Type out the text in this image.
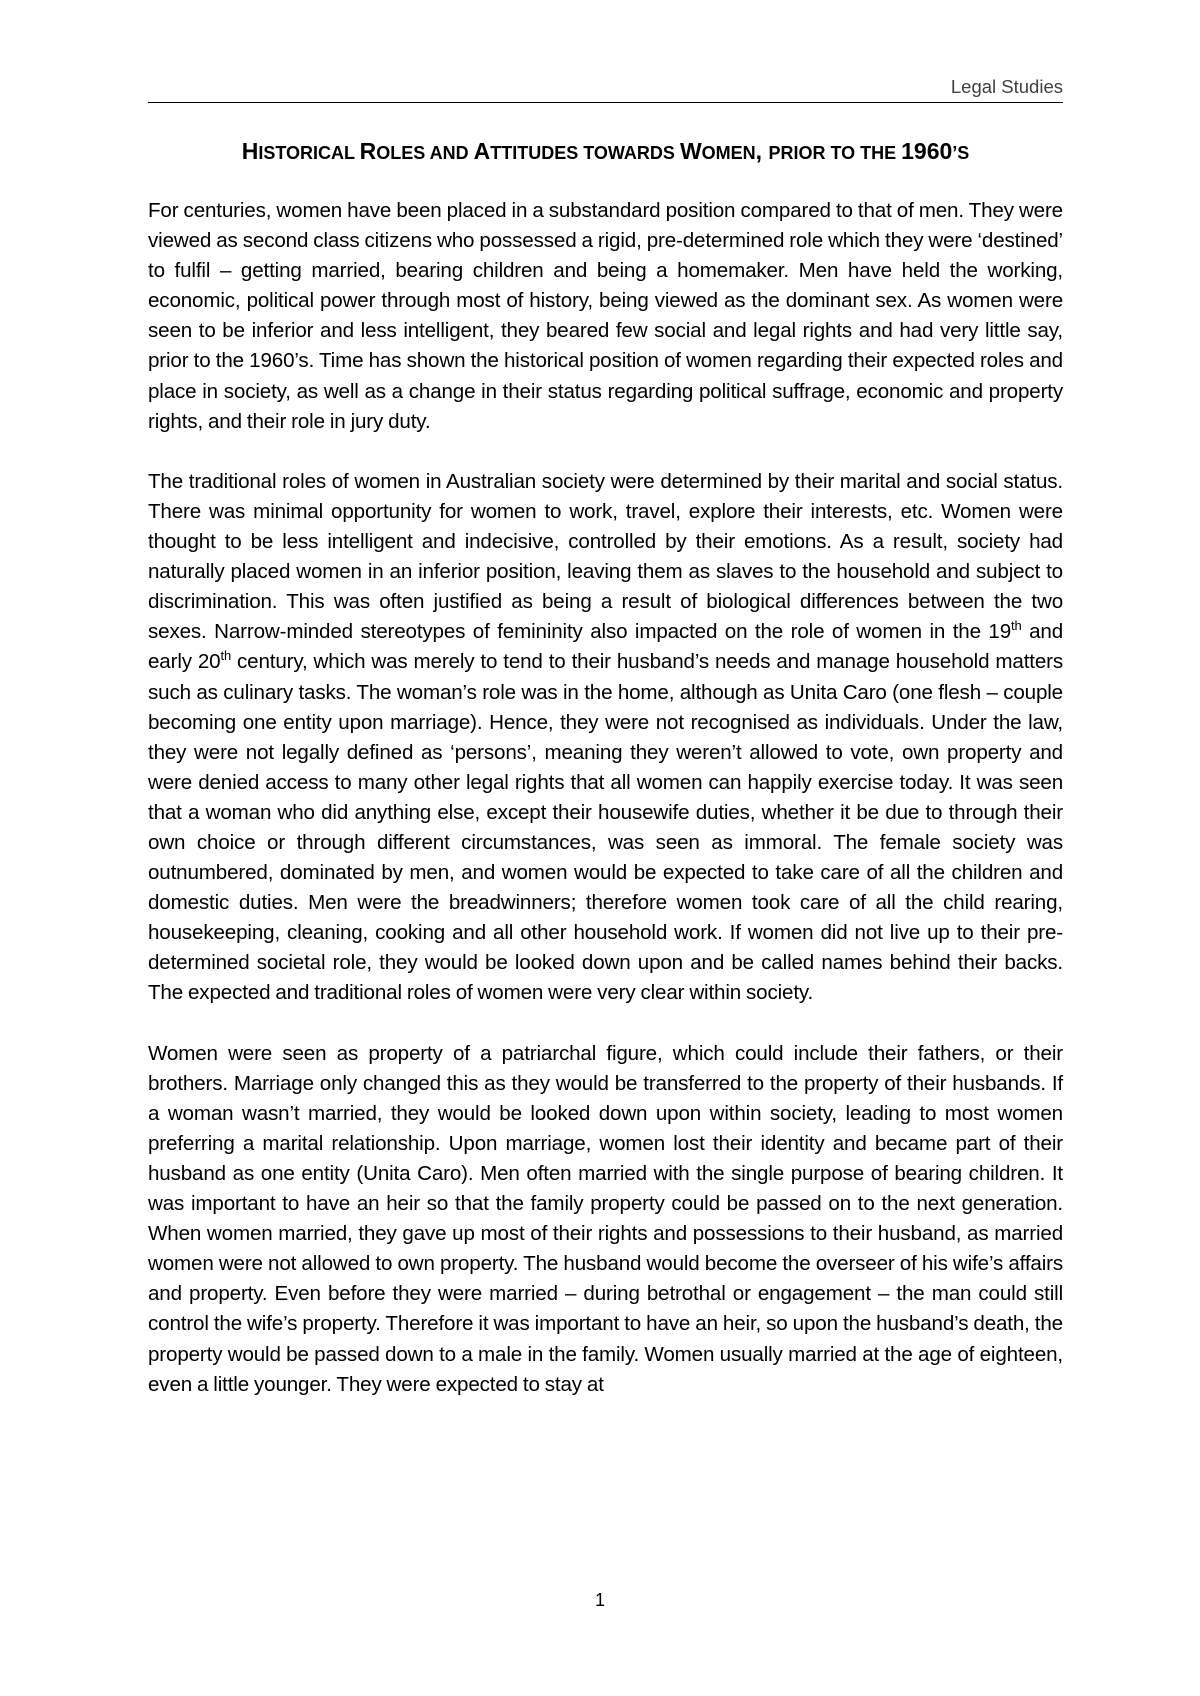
Legal Studies
HISTORICAL ROLES AND ATTITUDES TOWARDS WOMEN, PRIOR TO THE 1960’S

For centuries, women have been placed in a substandard position compared to that of men. They were viewed as second class citizens who possessed a rigid, pre-determined role which they were ‘destined’ to fulfil – getting married, bearing children and being a homemaker. Men have held the working, economic, political power through most of history, being viewed as the dominant sex. As women were seen to be inferior and less intelligent, they beared few social and legal rights and had very little say, prior to the 1960’s. Time has shown the historical position of women regarding their expected roles and place in society, as well as a change in their status regarding political suffrage, economic and property rights, and their role in jury duty.

The traditional roles of women in Australian society were determined by their marital and social status. There was minimal opportunity for women to work, travel, explore their interests, etc. Women were thought to be less intelligent and indecisive, controlled by their emotions. As a result, society had naturally placed women in an inferior position, leaving them as slaves to the household and subject to discrimination. This was often justified as being a result of biological differences between the two sexes. Narrow-minded stereotypes of femininity also impacted on the role of women in the 19th and early 20th century, which was merely to tend to their husband’s needs and manage household matters such as culinary tasks. The woman’s role was in the home, although as Unita Caro (one flesh – couple becoming one entity upon marriage). Hence, they were not recognised as individuals. Under the law, they were not legally defined as ‘persons’, meaning they weren’t allowed to vote, own property and were denied access to many other legal rights that all women can happily exercise today. It was seen that a woman who did anything else, except their housewife duties, whether it be due to through their own choice or through different circumstances, was seen as immoral. The female society was outnumbered, dominated by men, and women would be expected to take care of all the children and domestic duties. Men were the breadwinners; therefore women took care of all the child rearing, housekeeping, cleaning, cooking and all other household work. If women did not live up to their pre-determined societal role, they would be looked down upon and be called names behind their backs. The expected and traditional roles of women were very clear within society.

Women were seen as property of a patriarchal figure, which could include their fathers, or their brothers. Marriage only changed this as they would be transferred to the property of their husbands. If a woman wasn’t married, they would be looked down upon within society, leading to most women preferring a marital relationship. Upon marriage, women lost their identity and became part of their husband as one entity (Unita Caro). Men often married with the single purpose of bearing children. It was important to have an heir so that the family property could be passed on to the next generation. When women married, they gave up most of their rights and possessions to their husband, as married women were not allowed to own property. The husband would become the overseer of his wife’s affairs and property. Even before they were married – during betrothal or engagement – the man could still control the wife’s property. Therefore it was important to have an heir, so upon the husband’s death, the property would be passed down to a male in the family. Women usually married at the age of eighteen, even a little younger. They were expected to stay at

1
